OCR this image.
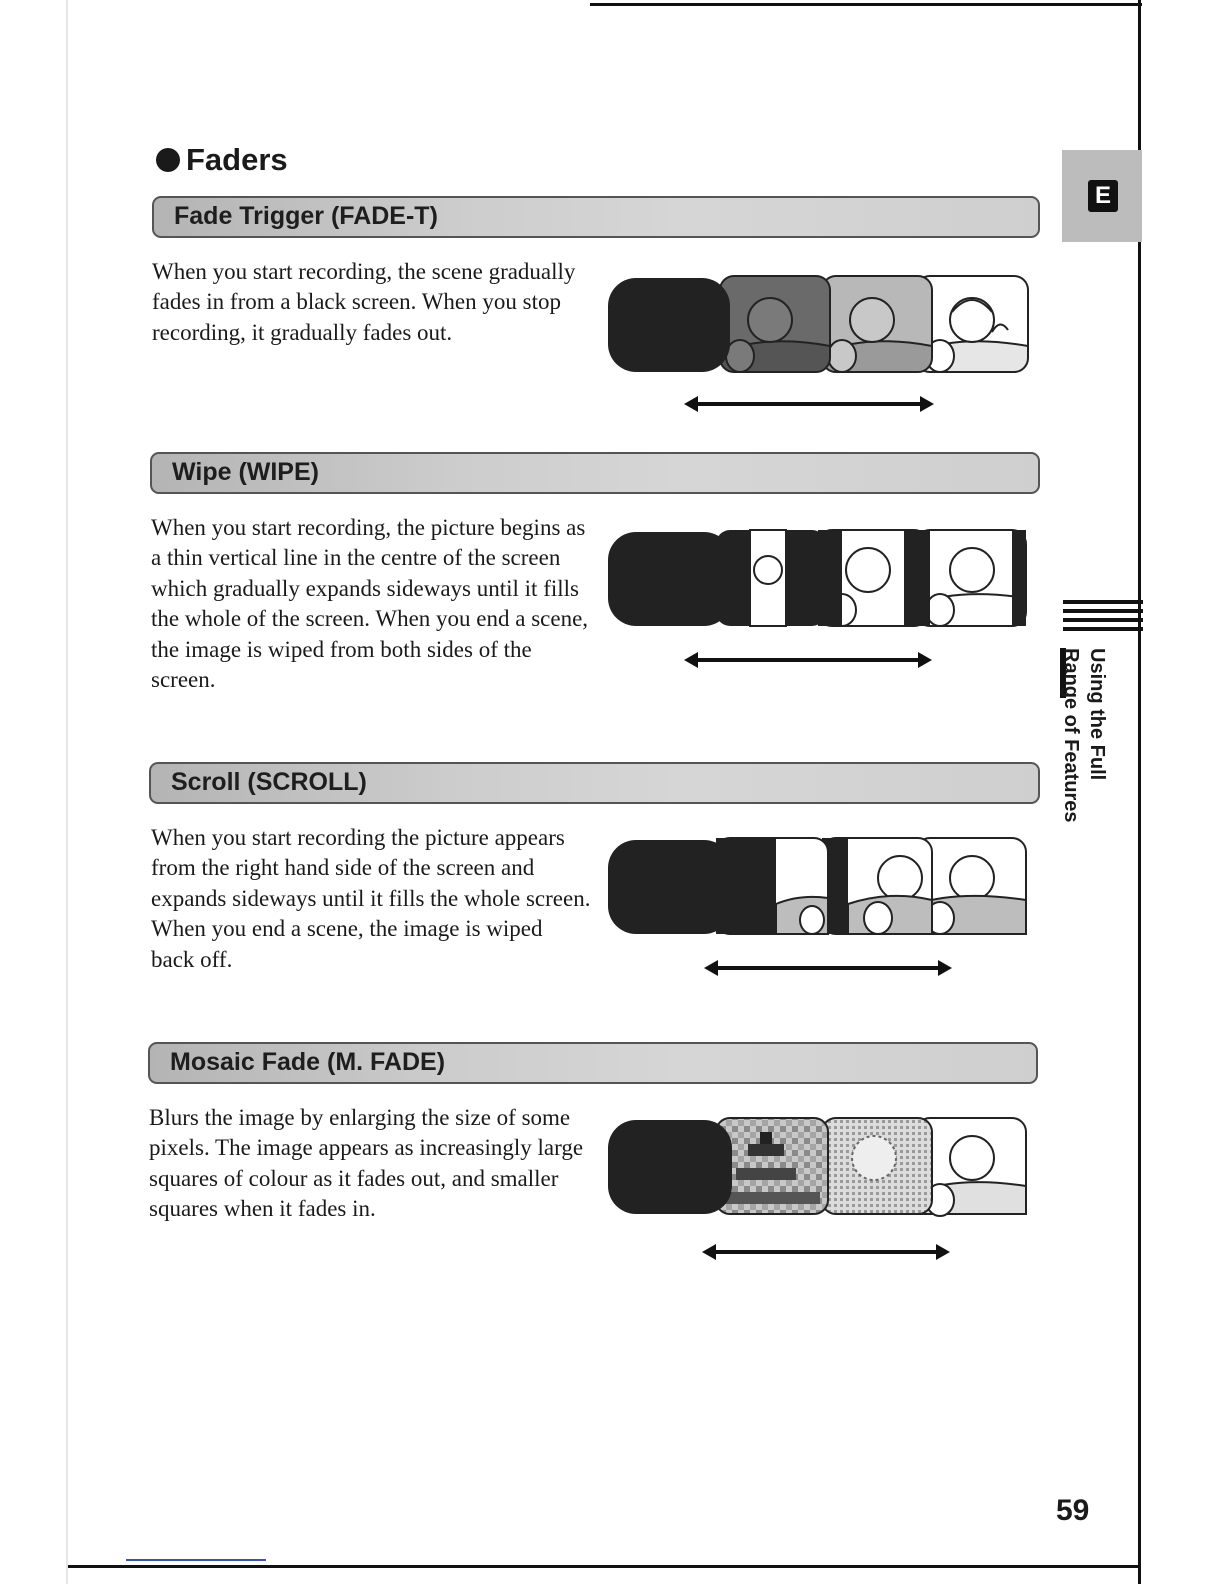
Faders
Fade Trigger (FADE-T)

When you start recording, the scene gradually fades in from a black screen. When you stop recording, it gradually fades out.

Wipe (WIPE)

When you start recording, the picture begins as a thin vertical line in the centre of the screen which gradually expands sideways until it fills the whole of the screen. When you end a scene, the image is wiped from both sides of the screen.

Scroll (SCROLL)

When you start recording the picture appears from the right hand side of the screen and expands sideways until it fills the whole screen. When you end a scene, the image is wiped back off.

Mosaic Fade (M. FADE)

Blurs the image by enlarging the size of some pixels. The image appears as increasingly large squares of colour as it fades out, and smaller squares when it fades in.

E
Using the Full
Range of Features
59
